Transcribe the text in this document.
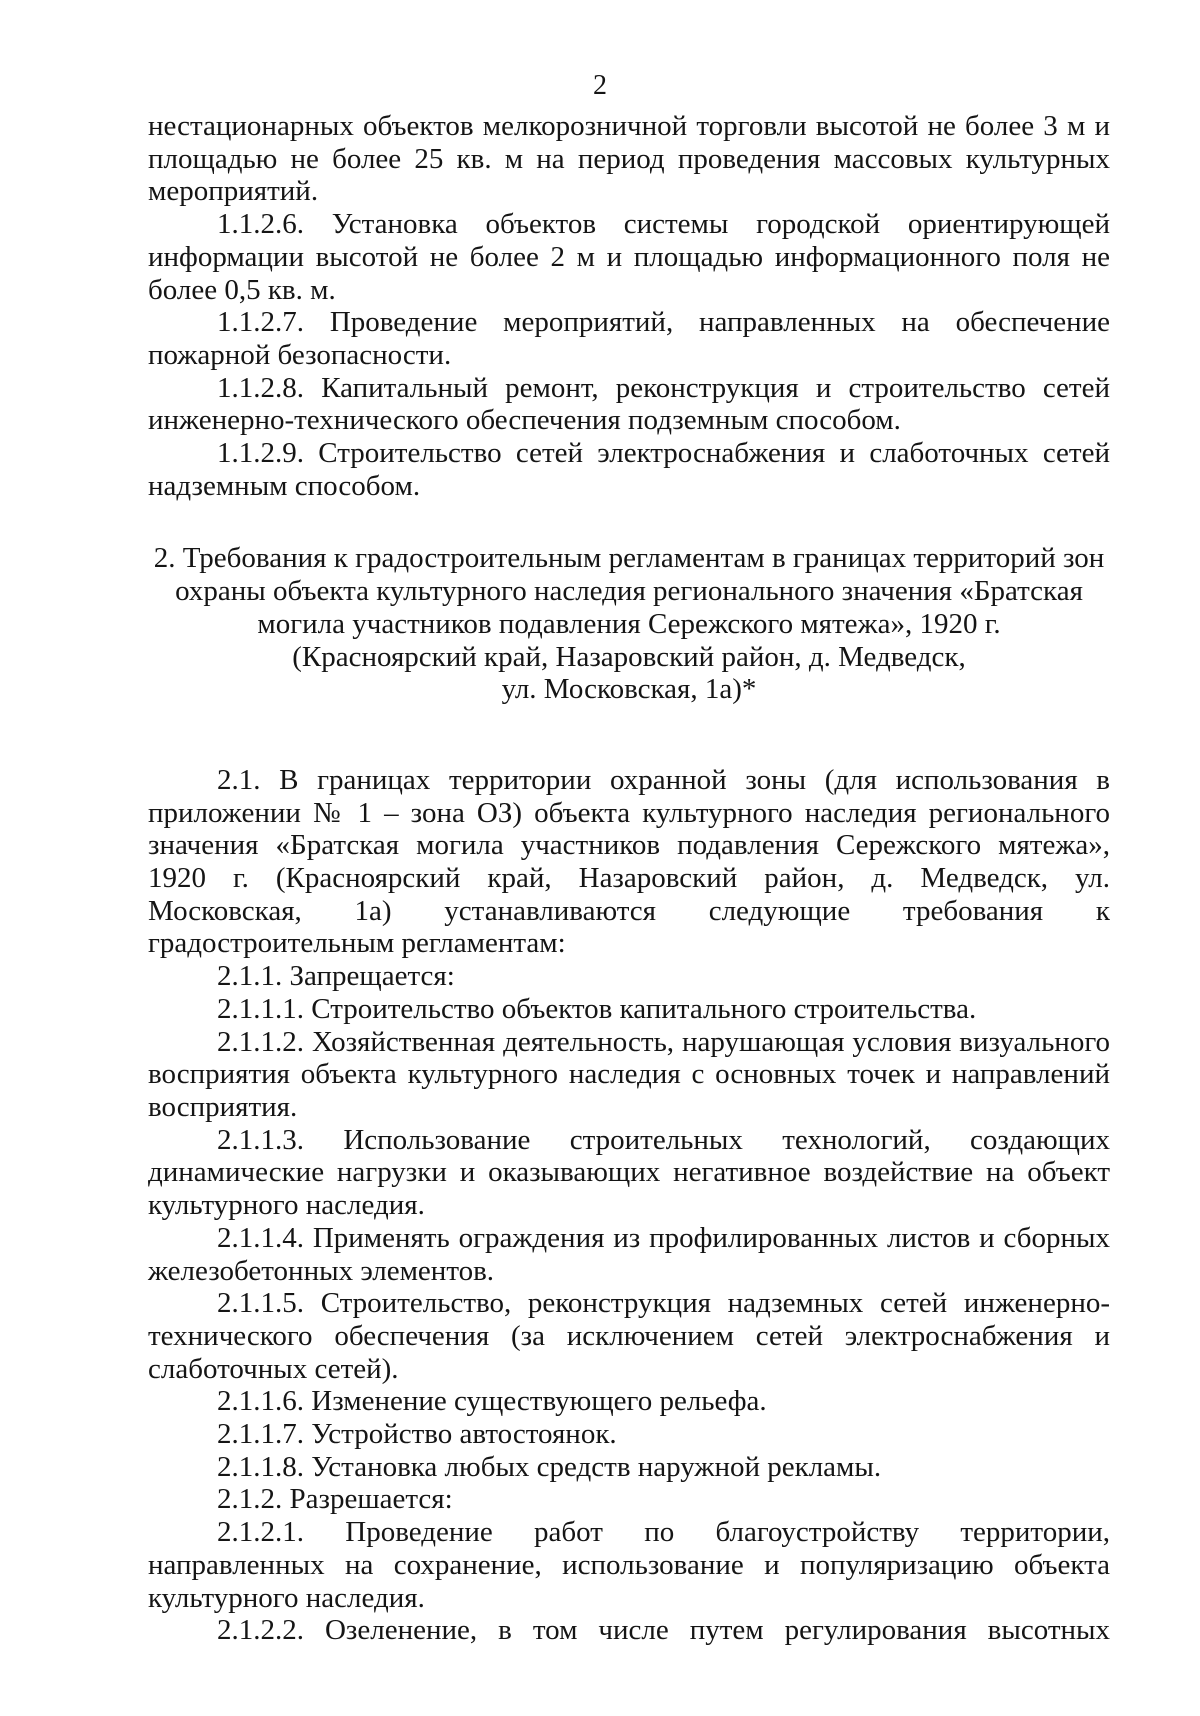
2

нестационарных объектов мелкорозничной торговли высотой не более 3 м и площадью не более 25 кв. м на период проведения массовых культурных мероприятий.

1.1.2.6. Установка объектов системы городской ориентирующей информации высотой не более 2 м и площадью информационного поля не более 0,5 кв. м.

1.1.2.7. Проведение мероприятий, направленных на обеспечение пожарной безопасности.

1.1.2.8. Капитальный ремонт, реконструкция и строительство сетей инженерно-технического обеспечения подземным способом.

1.1.2.9. Строительство сетей электроснабжения и слаботочных сетей надземным способом.

2. Требования к градостроительным регламентам в границах территорий зон
охраны объекта культурного наследия регионального значения «Братская
могила участников подавления Сережского мятежа», 1920 г.
(Красноярский край, Назаровский район, д. Медведск,
ул. Московская, 1а)*

2.1. В границах территории охранной зоны (для использования в приложении № 1 – зона ОЗ) объекта культурного наследия регионального значения «Братская могила участников подавления Сережского мятежа», 1920 г. (Красноярский край, Назаровский район, д. Медведск, ул. Московская, 1а) устанавливаются следующие требования к градостроительным регламентам:

2.1.1. Запрещается:

2.1.1.1. Строительство объектов капитального строительства.

2.1.1.2. Хозяйственная деятельность, нарушающая условия визуального восприятия объекта культурного наследия с основных точек и направлений восприятия.

2.1.1.3. Использование строительных технологий, создающих динамические нагрузки и оказывающих негативное воздействие на объект культурного наследия.

2.1.1.4. Применять ограждения из профилированных листов и сборных железобетонных элементов.

2.1.1.5. Строительство, реконструкция надземных сетей инженерно-технического обеспечения (за исключением сетей электроснабжения и слаботочных сетей).

2.1.1.6. Изменение существующего рельефа.

2.1.1.7. Устройство автостоянок.

2.1.1.8. Установка любых средств наружной рекламы.

2.1.2. Разрешается:

2.1.2.1. Проведение работ по благоустройству территории, направленных на сохранение, использование и популяризацию объекта культурного наследия.

2.1.2.2. Озеленение, в том числе путем регулирования высотных
